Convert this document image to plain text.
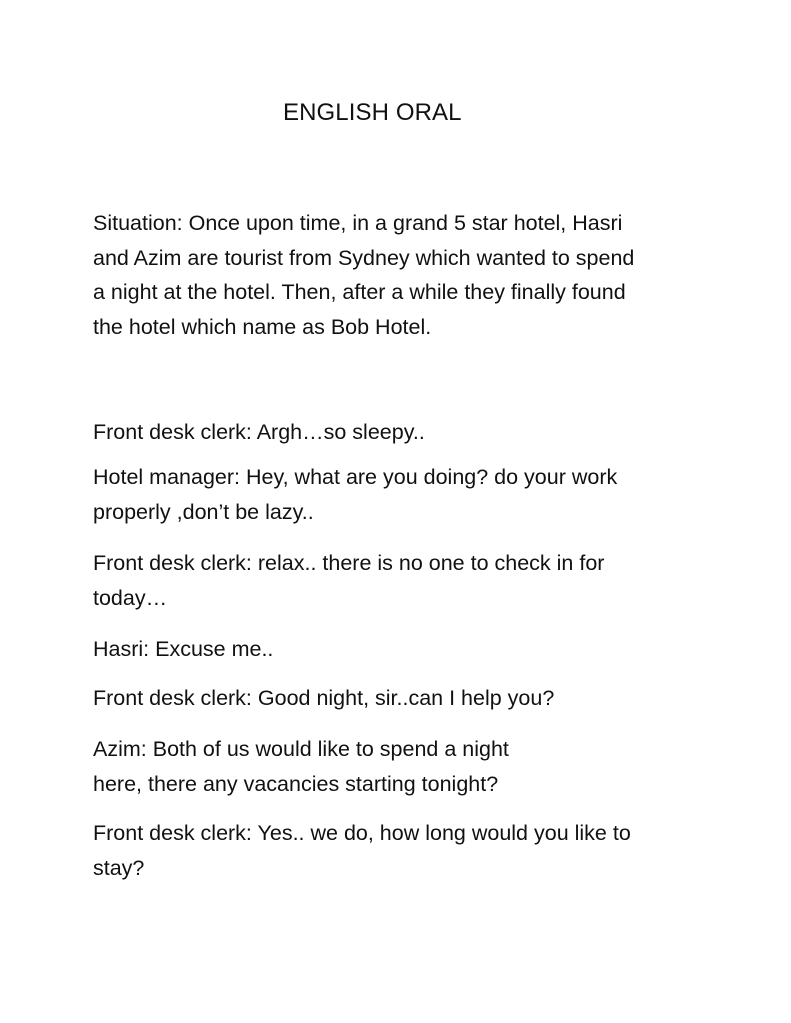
ENGLISH ORAL
Situation: Once upon time, in a grand 5 star hotel, Hasri
and Azim are tourist from Sydney which wanted to spend
a night at the hotel. Then, after a while they finally found
the hotel which name as Bob Hotel.
Front desk clerk: Argh…so sleepy..
Hotel manager: Hey, what are you doing? do your work
properly ,don’t be lazy..
Front desk clerk: relax.. there is no one to check in for
today…
Hasri: Excuse me..
Front desk clerk: Good night, sir..can I help you?
Azim: Both of us would like to spend a night
here, there any vacancies starting tonight?
Front desk clerk: Yes.. we do, how long would you like to
stay?
